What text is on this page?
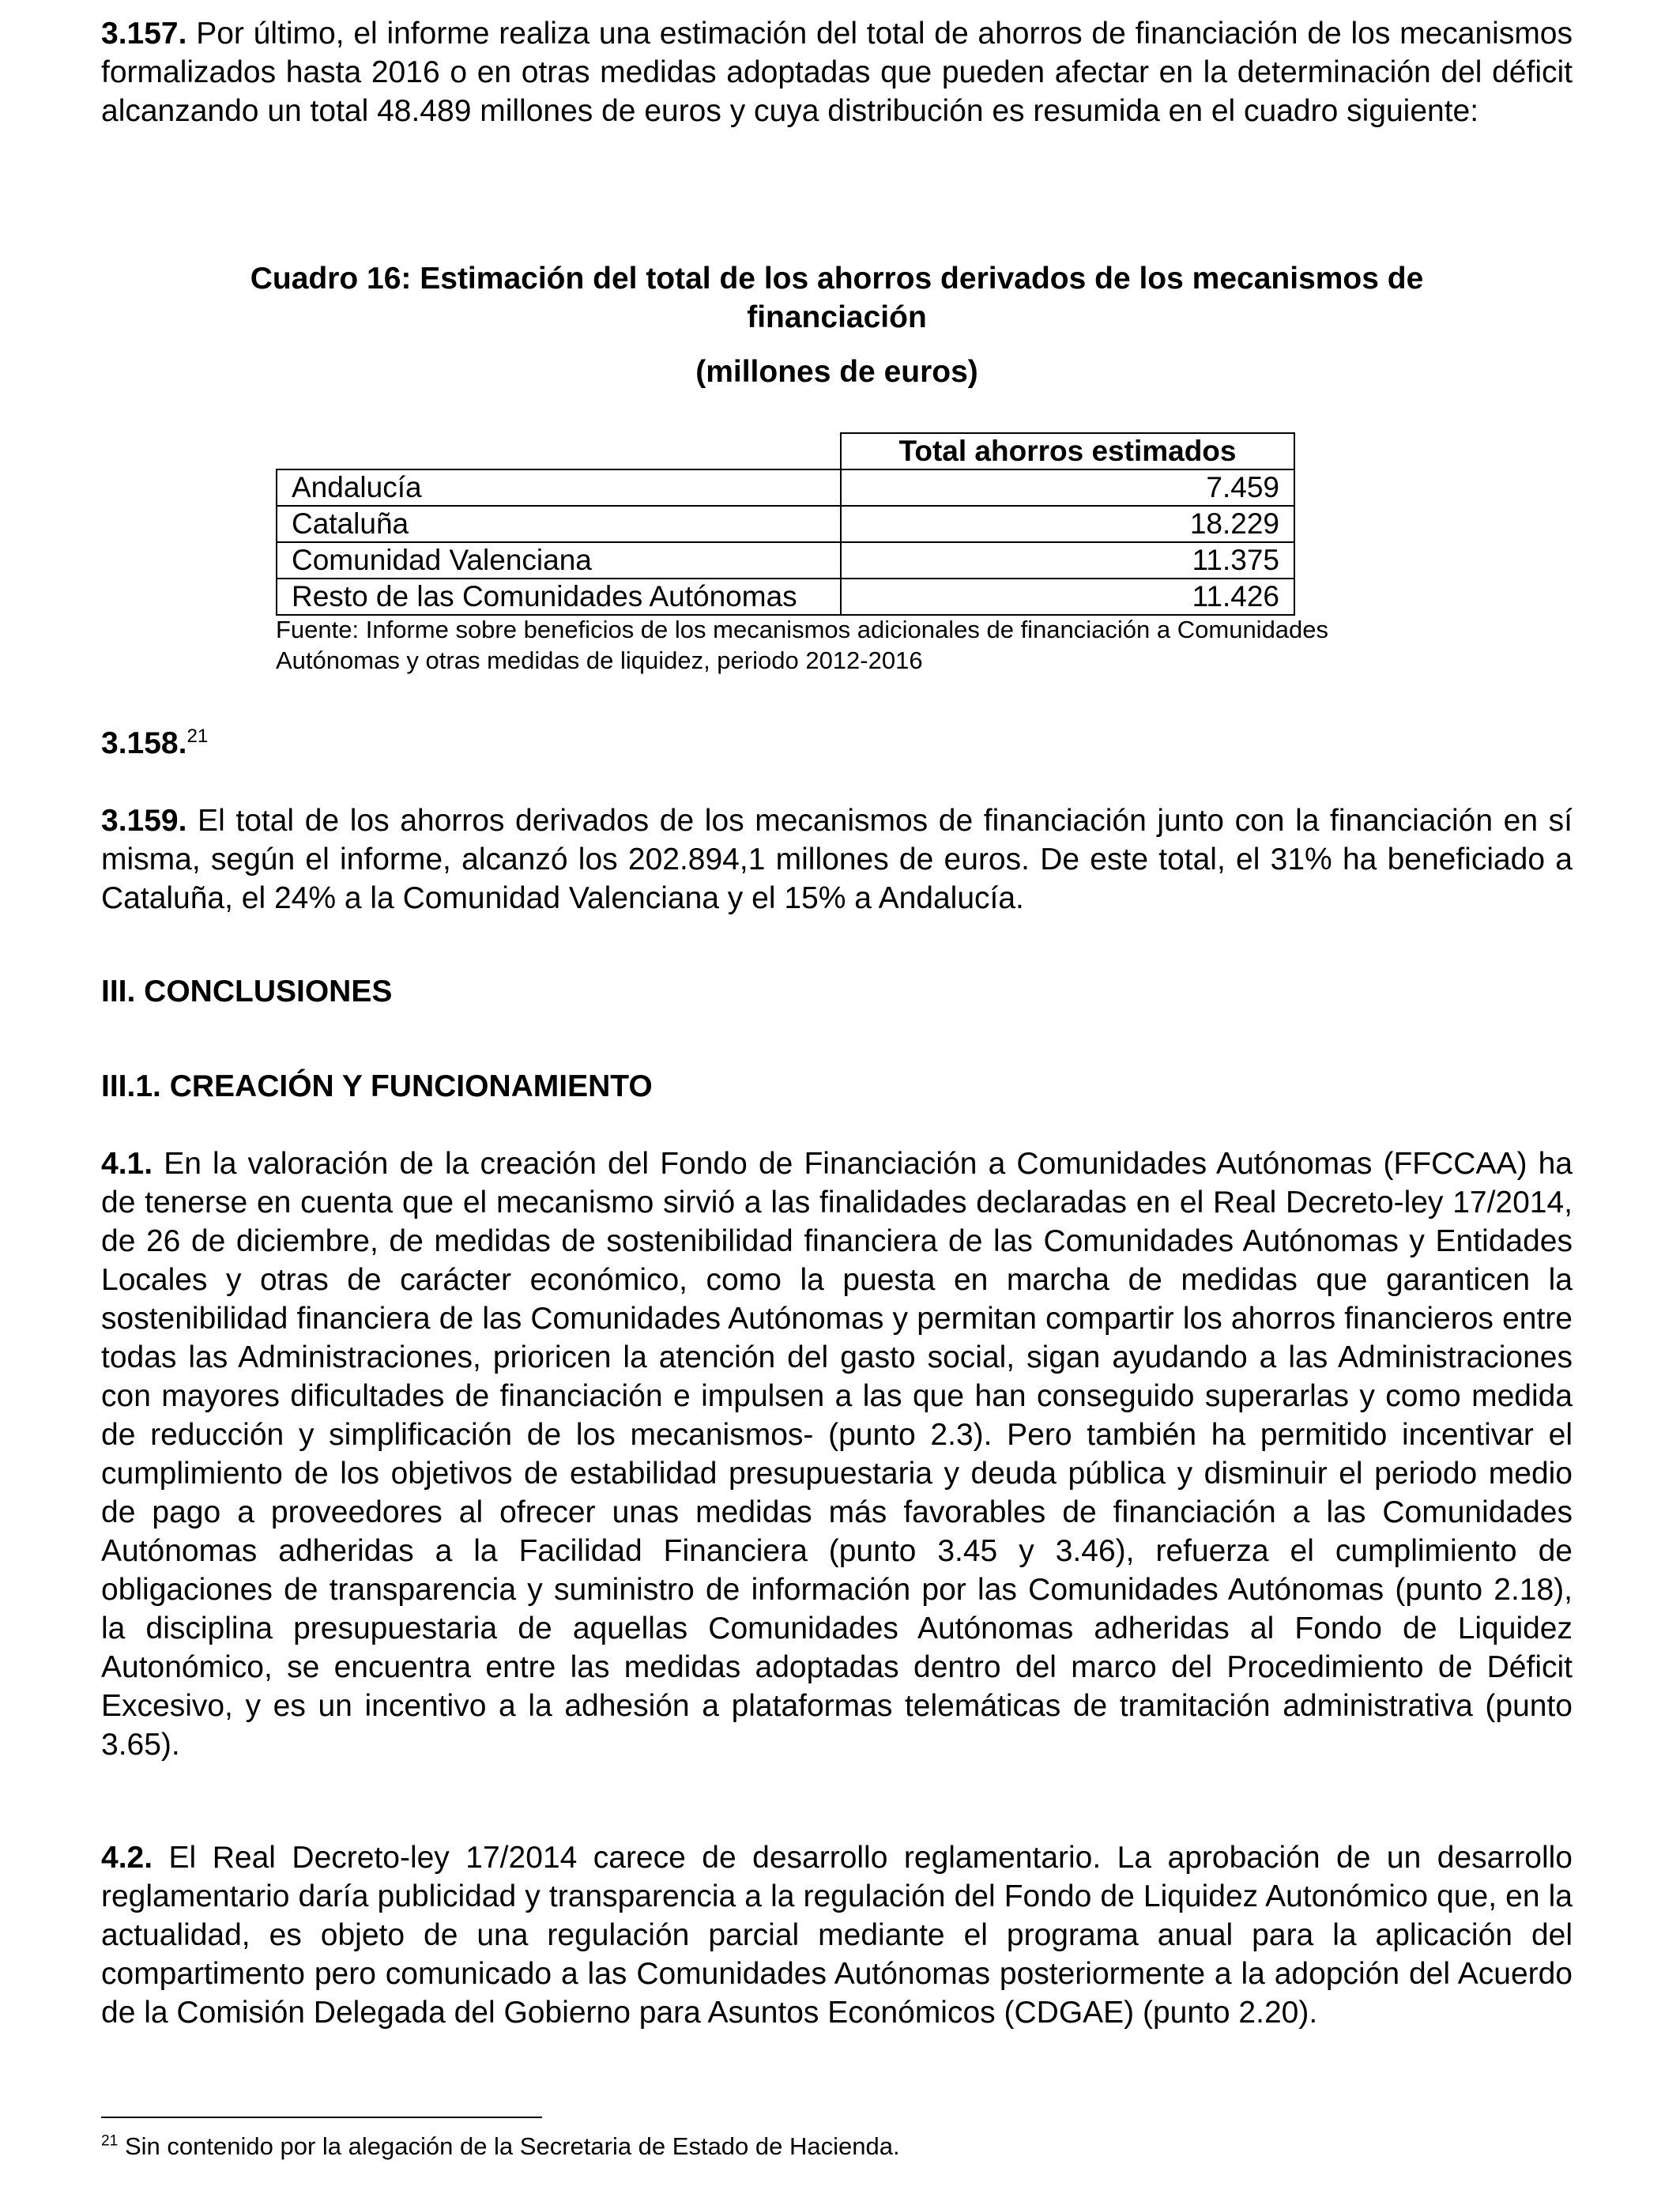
3.157. Por último, el informe realiza una estimación del total de ahorros de financiación de los mecanismos formalizados hasta 2016 o en otras medidas adoptadas que pueden afectar en la determinación del déficit alcanzando un total 48.489 millones de euros y cuya distribución es resumida en el cuadro siguiente:

Cuadro 16: Estimación del total de los ahorros derivados de los mecanismos de

financiación

(millones de euros)

	Total ahorros estimados
Andalucía	7.459
Cataluña	18.229
Comunidad Valenciana	11.375
Resto de las Comunidades Autónomas	11.426
Fuente: Informe sobre beneficios de los mecanismos adicionales de financiación a Comunidades
Autónomas y otras medidas de liquidez, periodo 2012-2016

3.158.21

3.159. El total de los ahorros derivados de los mecanismos de financiación junto con la financiación en sí misma, según el informe, alcanzó los 202.894,1 millones de euros. De este total, el 31% ha beneficiado a Cataluña, el 24% a la Comunidad Valenciana y el 15% a Andalucía.

III. CONCLUSIONES

III.1. CREACIÓN Y FUNCIONAMIENTO

4.1. En la valoración de la creación del Fondo de Financiación a Comunidades Autónomas (FFCCAA) ha de tenerse en cuenta que el mecanismo sirvió a las finalidades declaradas en el Real Decreto-ley 17/2014, de 26 de diciembre, de medidas de sostenibilidad financiera de las Comunidades Autónomas y Entidades Locales y otras de carácter económico, como la puesta en marcha de medidas que garanticen la sostenibilidad financiera de las Comunidades Autónomas y permitan compartir los ahorros financieros entre todas las Administraciones, prioricen la atención del gasto social, sigan ayudando a las Administraciones con mayores dificultades de financiación e impulsen a las que han conseguido superarlas y como medida de reducción y simplificación de los mecanismos- (punto 2.3). Pero también ha permitido incentivar el cumplimiento de los objetivos de estabilidad presupuestaria y deuda pública y disminuir el periodo medio de pago a proveedores al ofrecer unas medidas más favorables de financiación a las Comunidades Autónomas adheridas a la Facilidad Financiera (punto 3.45 y 3.46), refuerza el cumplimiento de obligaciones de transparencia y suministro de información por las Comunidades Autónomas (punto 2.18), la disciplina presupuestaria de aquellas Comunidades Autónomas adheridas al Fondo de Liquidez Autonómico, se encuentra entre las medidas adoptadas dentro del marco del Procedimiento de Déficit Excesivo, y es un incentivo a la adhesión a plataformas telemáticas de tramitación administrativa (punto 3.65).

4.2. El Real Decreto-ley 17/2014 carece de desarrollo reglamentario. La aprobación de un desarrollo reglamentario daría publicidad y transparencia a la regulación del Fondo de Liquidez Autonómico que, en la actualidad, es objeto de una regulación parcial mediante el programa anual para la aplicación del compartimento pero comunicado a las Comunidades Autónomas posteriormente a la adopción del Acuerdo de la Comisión Delegada del Gobierno para Asuntos Económicos (CDGAE) (punto 2.20).

$^{21}$ Sin contenido por la alegación de la Secretaria de Estado de Hacienda.
